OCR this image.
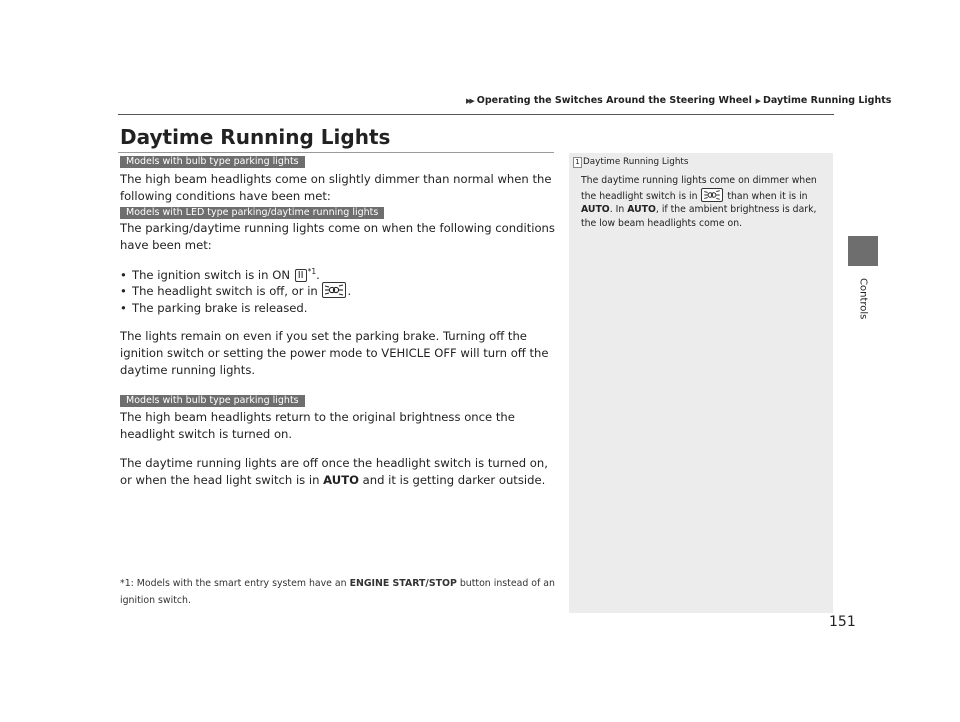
▶▶ Operating the Switches Around the Steering Wheel  ▶ Daytime Running Lights
Daytime Running Lights
Models with bulb type parking lights

The high beam headlights come on slightly dimmer than normal when the following conditions have been met:

Models with LED type parking/daytime running lights

The parking/daytime running lights come on when the following conditions have been met:

• The ignition switch is in ON II $^{*1}$.
• The headlight switch is off, or in
.
• The parking brake is released.

The lights remain on even if you set the parking brake. Turning off the ignition switch or setting the power mode to VEHICLE OFF will turn off the daytime running lights.

Models with bulb type parking lights

The high beam headlights return to the original brightness once the headlight switch is turned on.

The daytime running lights are off once the headlight switch is turned on, or when the head light switch is in AUTO and it is getting darker outside.

*1: Models with the smart entry system have an ENGINE START/STOP button instead of an ignition switch.

1 Daytime Running Lights

The daytime running lights come on dimmer when the headlight switch is in	than when it is in AUTO. In AUTO, if the ambient brightness is dark, the low beam headlights come on.

Controls
151
